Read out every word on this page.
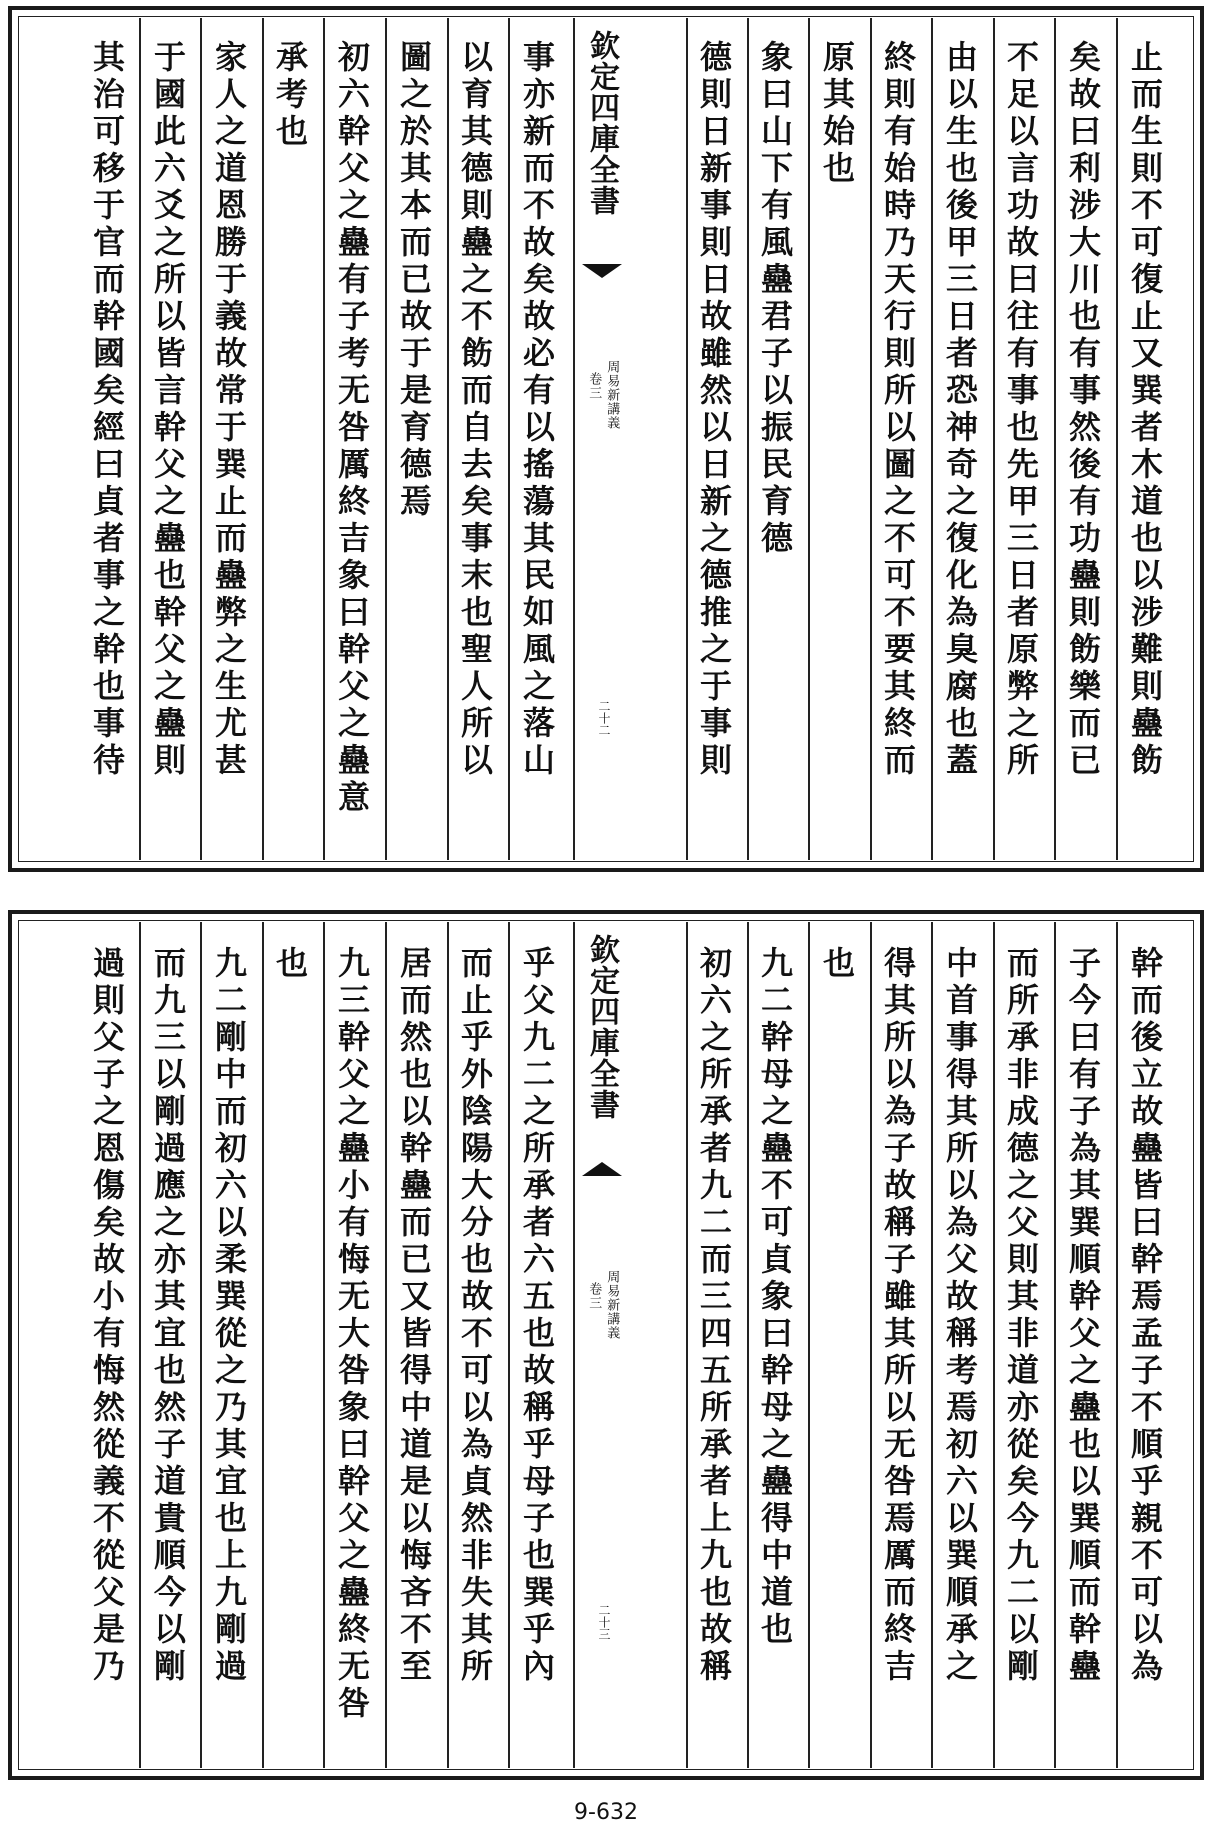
止而生則不可復止又巽者木道也以涉難則蠱飭
矣故曰利涉大川也有事然後有功蠱則飭樂而已
不足以言功故曰往有事也先甲三日者原弊之所
由以生也後甲三日者恐神奇之復化為臭腐也蓋
終則有始時乃天行則所以圖之不可不要其終而
原其始也
象曰山下有風蠱君子以振民育德
德則日新事則日故雖然以日新之德推之于事則
事亦新而不故矣故必有以搖蕩其民如風之落山
以育其德則蠱之不飭而自去矣事末也聖人所以
圖之於其本而已故于是育德焉
初六幹父之蠱有子考无咎厲終吉象曰幹父之蠱意
承考也
家人之道恩勝于義故常于巽止而蠱弊之生尤甚
于國此六爻之所以皆言幹父之蠱也幹父之蠱則
其治可移于官而幹國矣經曰貞者事之幹也事待	欽定四庫全書
周易新講義
卷三
二十二
幹而後立故蠱皆曰幹焉孟子不順乎親不可以為
子今曰有子為其巽順幹父之蠱也以巽順而幹蠱
而所承非成德之父則其非道亦從矣今九二以剛
中首事得其所以為父故稱考焉初六以巽順承之
得其所以為子故稱子雖其所以无咎焉厲而終吉
也
九二幹母之蠱不可貞象曰幹母之蠱得中道也
初六之所承者九二而三四五所承者上九也故稱
乎父九二之所承者六五也故稱乎母子也巽乎內
而止乎外陰陽大分也故不可以為貞然非失其所
居而然也以幹蠱而已又皆得中道是以悔吝不至
九三幹父之蠱小有悔无大咎象曰幹父之蠱終无咎
也
九二剛中而初六以柔巽從之乃其宜也上九剛過
而九三以剛過應之亦其宜也然子道貴順今以剛
過則父子之恩傷矣故小有悔然從義不從父是乃	欽定四庫全書
周易新講義
卷三
二十三
9-632
